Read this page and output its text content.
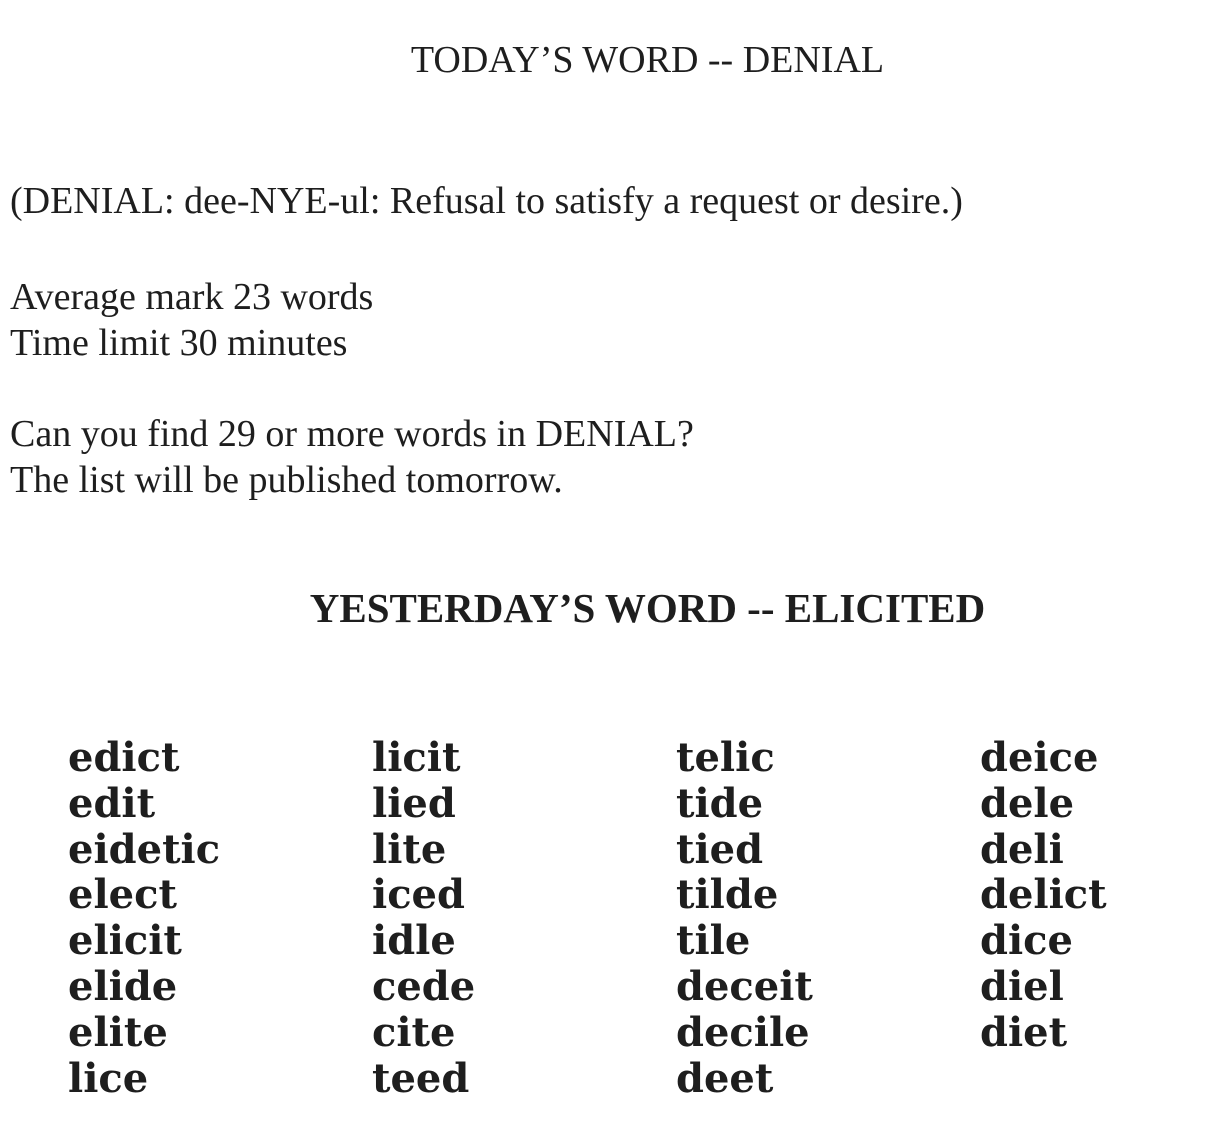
TODAY’S WORD -- DENIAL
(DENIAL: dee-NYE-ul: Refusal to satisfy a request or desire.)
Average mark 23 words
Time limit 30 minutes
Can you find 29 or more words in DENIAL?
The list will be published tomorrow.
YESTERDAY’S WORD -- ELICITED
edict
edit
eidetic
elect
elicit
elide
elite
lice
licit
lied
lite
iced
idle
cede
cite
teed
telic
tide
tied
tilde
tile
deceit
decile
deet
deice
dele
deli
delict
dice
diel
diet
